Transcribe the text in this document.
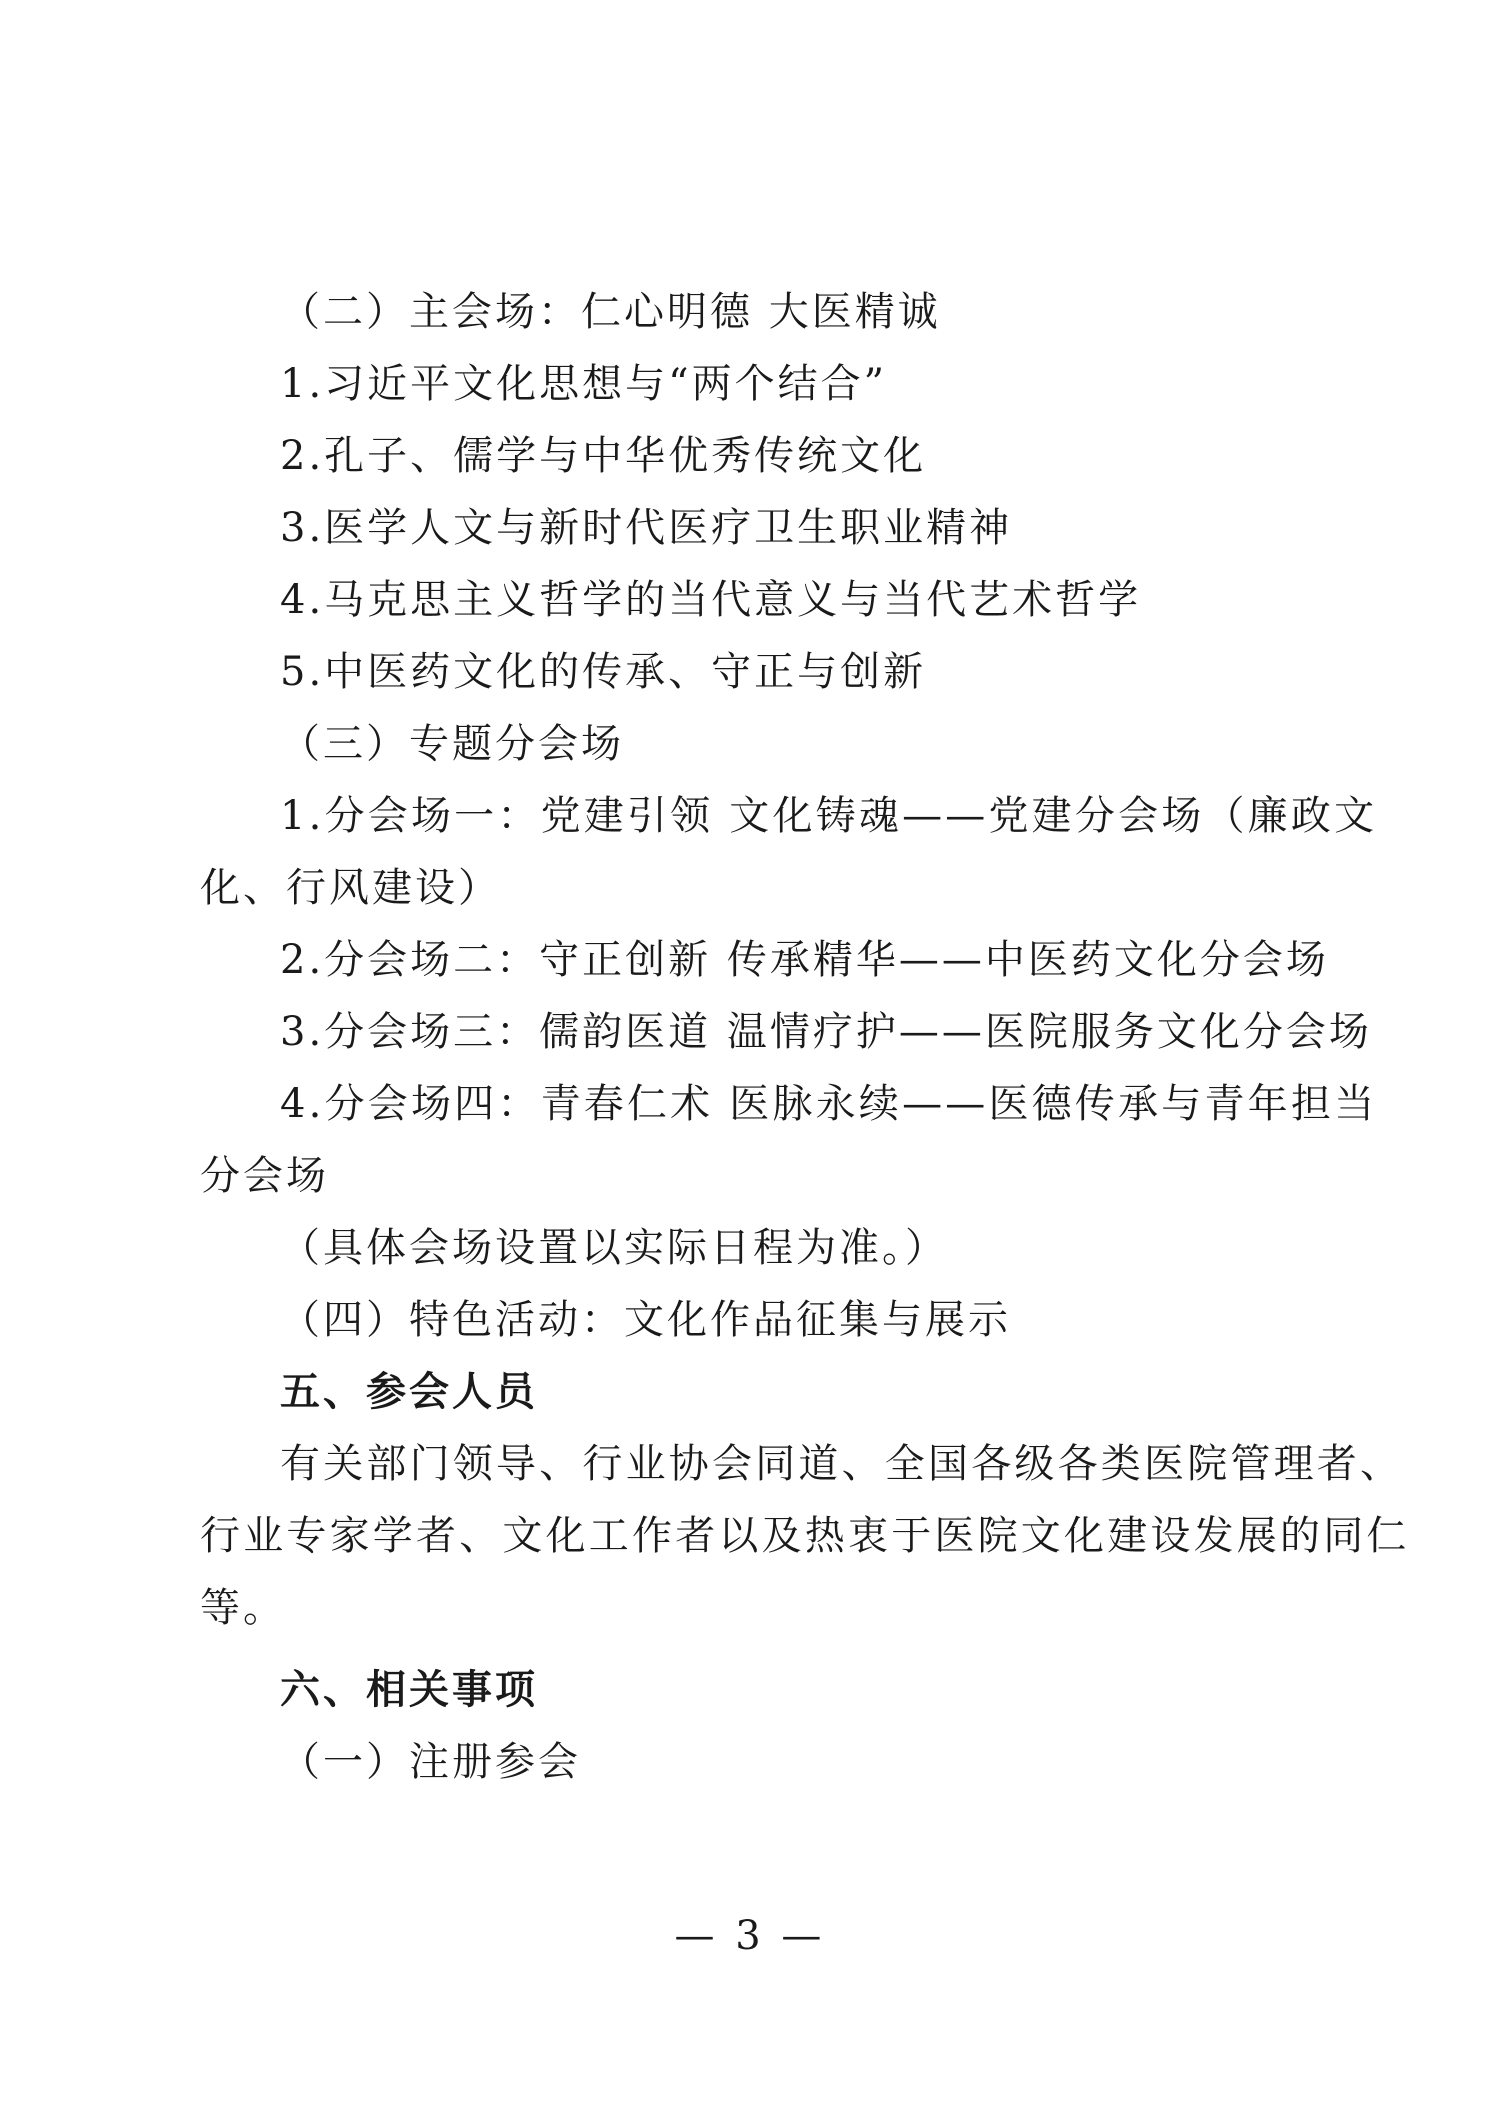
（二）主会场：仁心明德 大医精诚

1.习近平文化思想与“两个结合”

2.孔子、儒学与中华优秀传统文化

3.医学人文与新时代医疗卫生职业精神

4.马克思主义哲学的当代意义与当代艺术哲学

5.中医药文化的传承、守正与创新

（三）专题分会场

1.分会场一：党建引领 文化铸魂——党建分会场（廉政文

化、行风建设）

2.分会场二：守正创新 传承精华——中医药文化分会场

3.分会场三：儒韵医道 温情疗护——医院服务文化分会场

4.分会场四：青春仁术 医脉永续——医德传承与青年担当

分会场

（具体会场设置以实际日程为准。）

（四）特色活动：文化作品征集与展示

五、参会人员

有关部门领导、行业协会同道、全国各级各类医院管理者、

行业专家学者、文化工作者以及热衷于医院文化建设发展的同仁

等。

六、相关事项

（一）注册参会

— 3 —
